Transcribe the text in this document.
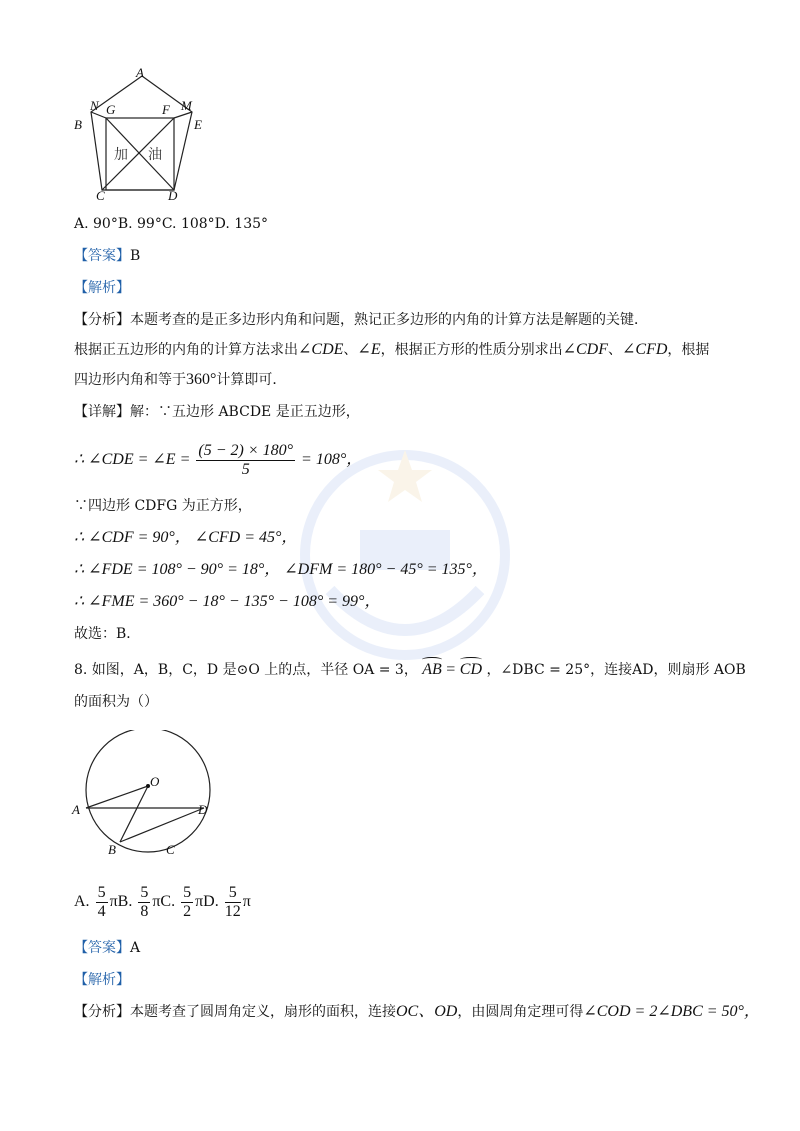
A
N G	F M
B	E
C	D
加 油
A. 90°B. 99°C. 108°D. 135°
【答案】B
【解析】
【分析】本题考查的是正多边形内角和问题，熟记正多边形的内角的计算方法是解题的关键．
根据正五边形的内角的计算方法求出∠CDE、∠E，根据正方形的性质分别求出∠CDF、∠CFD，根据
四边形内角和等于360°计算即可．
【详解】解：∵五边形 ABCDE 是正五边形，
∴ ∠CDE = ∠E = $\frac{(5 - 2) \times 180^\circ}{5} = 108^\circ$，
∵四边形 CDFG 为正方形，
∴ ∠CDF = 90°， ∠CFD = 45°，
∴ ∠FDE = 108° − 90° = 18°， ∠DFM = 180° − 45° = 135°，
∴ ∠FME = 360° − 18° − 135° − 108° = 99°，
故选：B．
8. 如图，A，B，C，D 是⊙O 上的点，半径 OA = 3， AB = CD ，∠DBC = 25°，连接AD，则扇形 AOB
的面积为（）
O
A	D
B	C
A. $\frac{5}{4} \pi B$. $\frac{5}{8} \pi C$. $\frac{5}{2} \pi D$. $\frac{5}{12}$ π
【答案】A
【解析】
【分析】本题考查了圆周角定义，扇形的面积，连接OC、OD，由圆周角定理可得∠COD = 2∠DBC = 50°，
